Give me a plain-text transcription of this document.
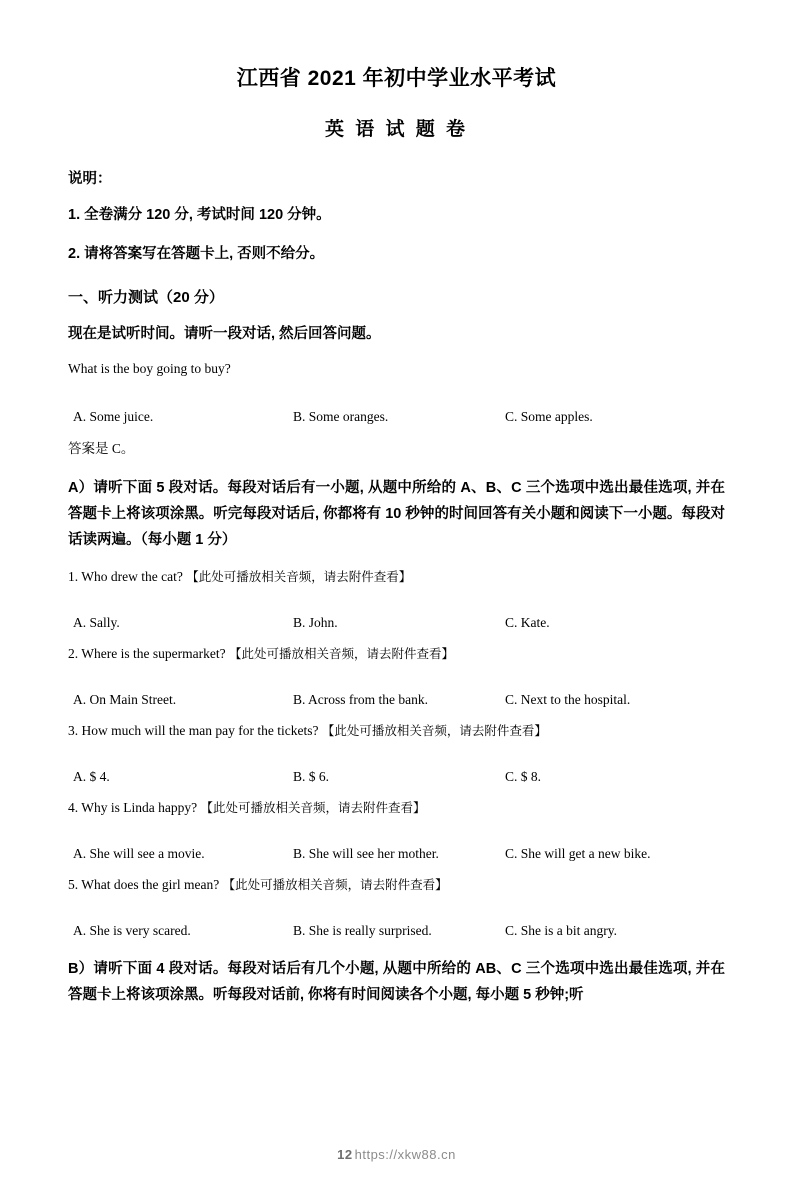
江西省 2021 年初中学业水平考试
英 语 试 题 卷
说明：
1. 全卷满分 120 分, 考试时间 120 分钟。
2. 请将答案写在答题卡上, 否则不给分。
一、听力测试（20 分）
现在是试听时间。请听一段对话, 然后回答问题。
What is the boy going to buy?
A. Some juice.	B. Some oranges.	C. Some apples.
答案是 C。
A）请听下面 5 段对话。每段对话后有一小题, 从题中所给的 A、B、C 三个选项中选出最佳选项, 并在答题卡上将该项涂黑。听完每段对话后, 你都将有 10 秒钟的时间回答有关小题和阅读下一小题。每段对话读两遍。（每小题 1 分）
1. Who drew the cat? 【此处可播放相关音频，请去附件查看】
A. Sally.	B. John.	C. Kate.
2. Where is the supermarket? 【此处可播放相关音频，请去附件查看】
A. On Main Street.	B. Across from the bank.	C. Next to the hospital.
3. How much will the man pay for the tickets? 【此处可播放相关音频，请去附件查看】
A. $ 4.	B. $ 6.	C. $ 8.
4. Why is Linda happy? 【此处可播放相关音频，请去附件查看】
A. She will see a movie.	B. She will see her mother.	C. She will get a new bike.
5. What does the girl mean? 【此处可播放相关音频，请去附件查看】
A. She is very scared.	B. She is really surprised.	C. She is a bit angry.
B）请听下面 4 段对话。每段对话后有几个小题, 从题中所给的 AB、C 三个选项中选出最佳选项, 并在答题卡上将该项涂黑。听每段对话前, 你将有时间阅读各个小题, 每小题 5 秒钟;听
12 https://xkw88.cn
